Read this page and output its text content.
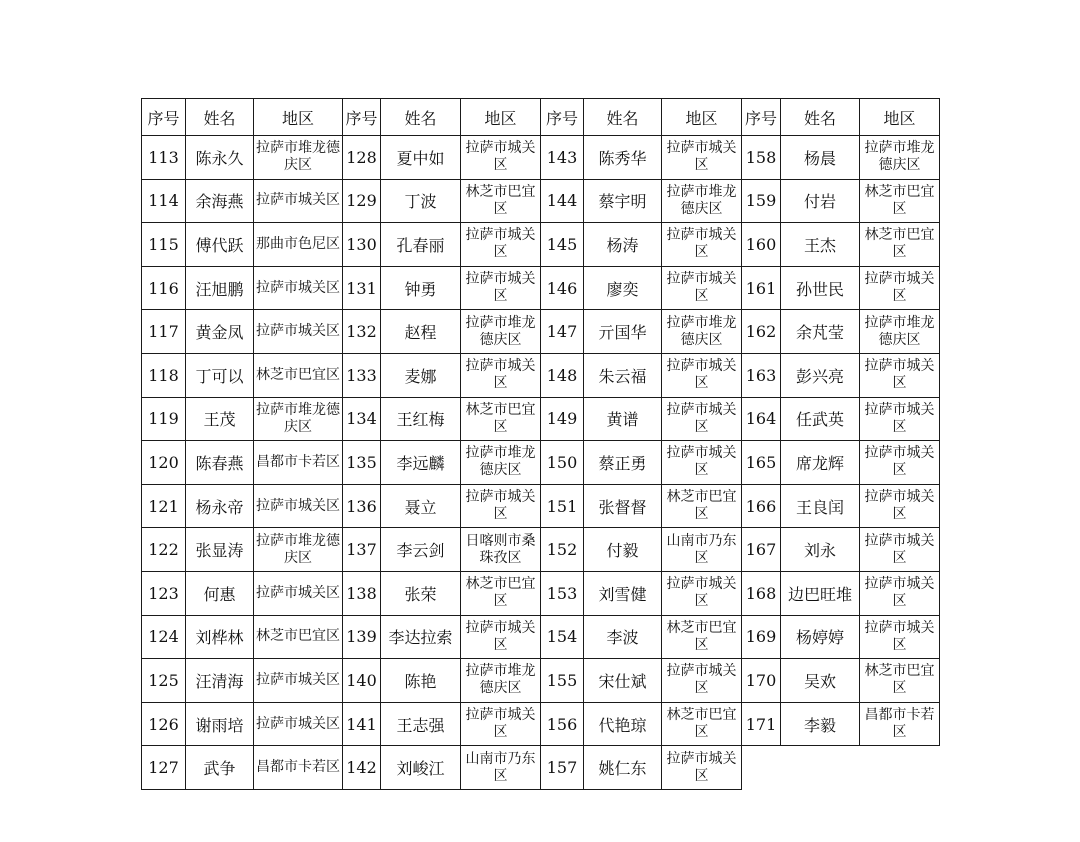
序号	姓名	地区	序号	姓名	地区	序号	姓名	地区	序号	姓名	地区
113	陈永久	拉萨市堆龙德庆区	128	夏中如	拉萨市城关区	143	陈秀华	拉萨市城关区	158	杨晨	拉萨市堆龙德庆区
114	余海燕	拉萨市城关区	129	丁波	林芝市巴宜区	144	蔡宇明	拉萨市堆龙德庆区	159	付岩	林芝市巴宜区
115	傅代跃	那曲市色尼区	130	孔春丽	拉萨市城关区	145	杨涛	拉萨市城关区	160	王杰	林芝市巴宜区
116	汪旭鹏	拉萨市城关区	131	钟勇	拉萨市城关区	146	廖奕	拉萨市城关区	161	孙世民	拉萨市城关区
117	黄金凤	拉萨市城关区	132	赵程	拉萨市堆龙德庆区	147	亓国华	拉萨市堆龙德庆区	162	余芃莹	拉萨市堆龙德庆区
118	丁可以	林芝市巴宜区	133	麦娜	拉萨市城关区	148	朱云福	拉萨市城关区	163	彭兴亮	拉萨市城关区
119	王茂	拉萨市堆龙德庆区	134	王红梅	林芝市巴宜区	149	黄谱	拉萨市城关区	164	任武英	拉萨市城关区
120	陈春燕	昌都市卡若区	135	李远麟	拉萨市堆龙德庆区	150	蔡正勇	拉萨市城关区	165	席龙辉	拉萨市城关区
121	杨永帝	拉萨市城关区	136	聂立	拉萨市城关区	151	张督督	林芝市巴宜区	166	王良闰	拉萨市城关区
122	张显涛	拉萨市堆龙德庆区	137	李云剑	日喀则市桑珠孜区	152	付毅	山南市乃东区	167	刘永	拉萨市城关区
123	何惠	拉萨市城关区	138	张荣	林芝市巴宜区	153	刘雪健	拉萨市城关区	168	边巴旺堆	拉萨市城关区
124	刘桦林	林芝市巴宜区	139	李达拉索	拉萨市城关区	154	李波	林芝市巴宜区	169	杨婷婷	拉萨市城关区
125	汪清海	拉萨市城关区	140	陈艳	拉萨市堆龙德庆区	155	宋仕斌	拉萨市城关区	170	吴欢	林芝市巴宜区
126	谢雨培	拉萨市城关区	141	王志强	拉萨市城关区	156	代艳琼	林芝市巴宜区	171	李毅	昌都市卡若区
127	武争	昌都市卡若区	142	刘峻江	山南市乃东区	157	姚仁东	拉萨市城关区			
